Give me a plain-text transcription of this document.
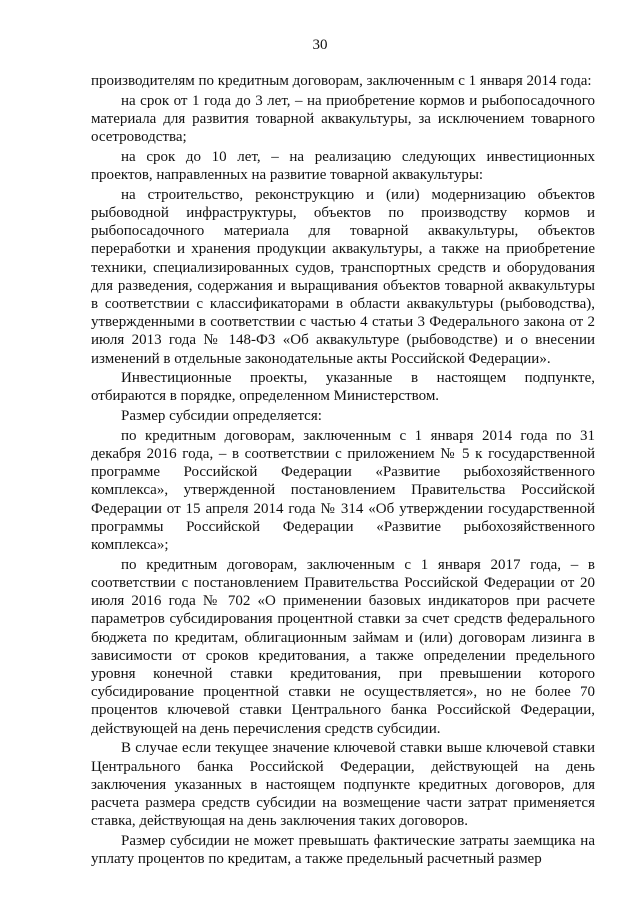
30

производителям по кредитным договорам, заключенным с 1 января 2014 года:

на срок от 1 года до 3 лет, – на приобретение кормов и рыбопосадочного материала для развития товарной аквакультуры, за исключением товарного осетроводства;

на срок до 10 лет, – на реализацию следующих инвестиционных проектов, направленных на развитие товарной аквакультуры:

на строительство, реконструкцию и (или) модернизацию объектов рыбоводной инфраструктуры, объектов по производству кормов и рыбопосадочного материала для товарной аквакультуры, объектов переработки и хранения продукции аквакультуры, а также на приобретение техники, специализированных судов, транспортных средств и оборудования для разведения, содержания и выращивания объектов товарной аквакультуры в соответствии с классификаторами в области аквакультуры (рыбоводства), утвержденными в соответствии с частью 4 статьи 3 Федерального закона от 2 июля 2013 года № 148-ФЗ «Об аквакультуре (рыбоводстве) и о внесении изменений в отдельные законодательные акты Российской Федерации».

Инвестиционные проекты, указанные в настоящем подпункте, отбираются в порядке, определенном Министерством.

Размер субсидии определяется:

по кредитным договорам, заключенным с 1 января 2014 года по 31 декабря 2016 года, – в соответствии с приложением № 5 к государственной программе Российской Федерации «Развитие рыбохозяйственного комплекса», утвержденной постановлением Правительства Российской Федерации от 15 апреля 2014 года № 314 «Об утверждении государственной программы Российской Федерации «Развитие рыбохозяйственного комплекса»;

по кредитным договорам, заключенным с 1 января 2017 года, – в соответствии с постановлением Правительства Российской Федерации от 20 июля 2016 года № 702 «О применении базовых индикаторов при расчете параметров субсидирования процентной ставки за счет средств федерального бюджета по кредитам, облигационным займам и (или) договорам лизинга в зависимости от сроков кредитования, а также определении предельного уровня конечной ставки кредитования, при превышении которого субсидирование процентной ставки не осуществляется», но не более 70 процентов ключевой ставки Центрального банка Российской Федерации, действующей на день перечисления средств субсидии.

В случае если текущее значение ключевой ставки выше ключевой ставки Центрального банка Российской Федерации, действующей на день заключения указанных в настоящем подпункте кредитных договоров, для расчета размера средств субсидии на возмещение части затрат применяется ставка, действующая на день заключения таких договоров.

Размер субсидии не может превышать фактические затраты заемщика на уплату процентов по кредитам, а также предельный расчетный размер
